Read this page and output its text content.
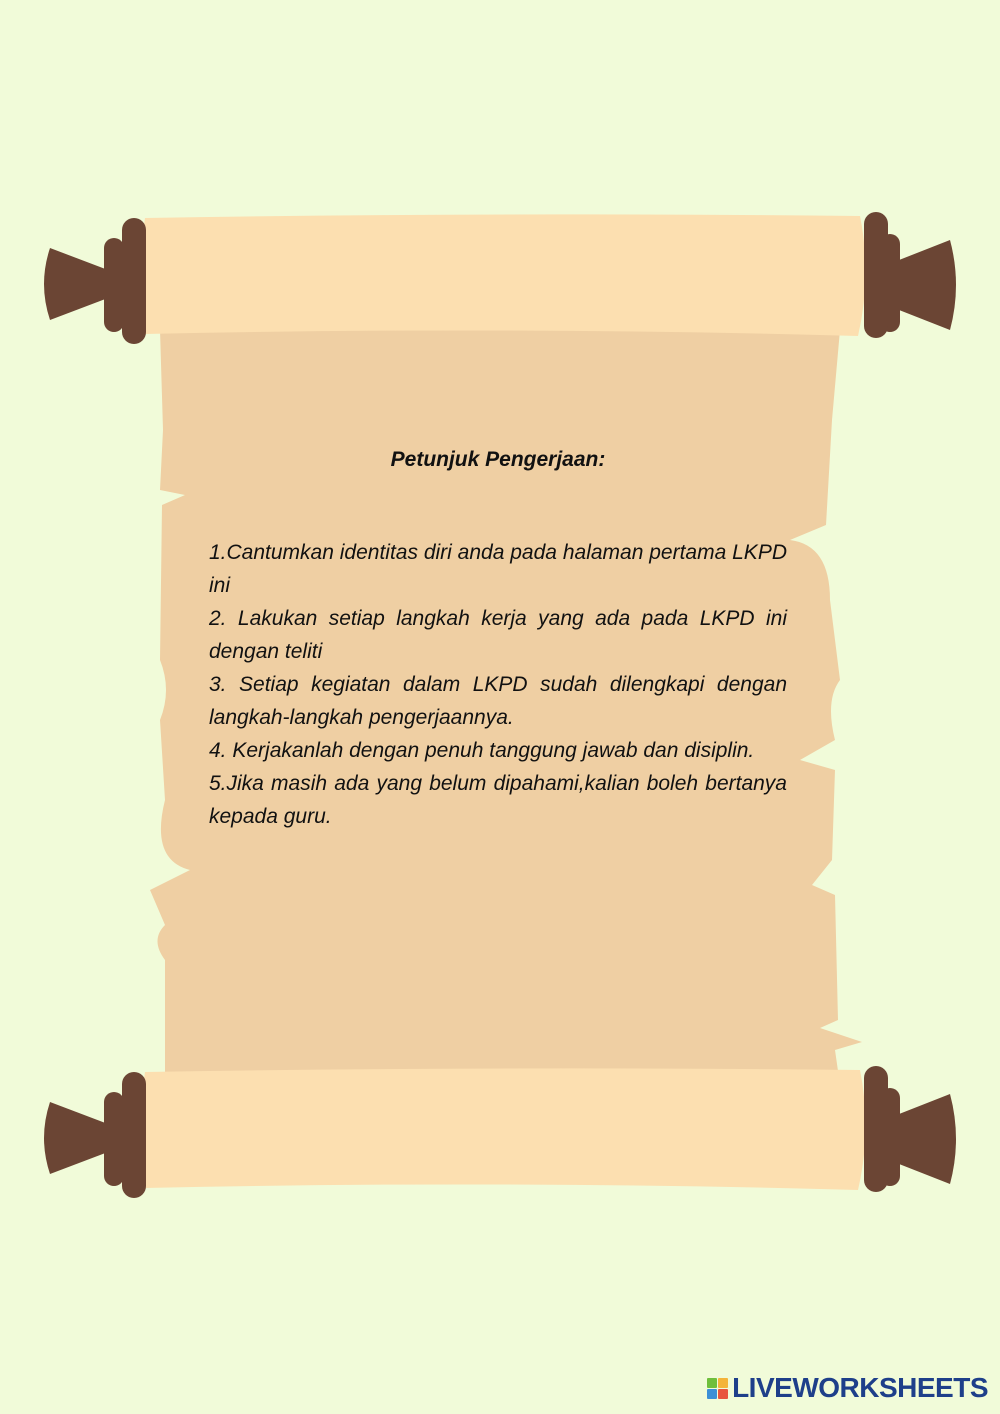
Petunjuk Pengerjaan:

1.Cantumkan identitas diri anda pada halaman pertama LKPD ini

2. Lakukan setiap langkah kerja yang ada pada LKPD ini dengan teliti

3. Setiap kegiatan dalam LKPD sudah dilengkapi dengan langkah-langkah pengerjaannya.

4. Kerjakanlah dengan penuh tanggung jawab dan disiplin.

5.Jika masih ada yang belum dipahami,kalian boleh bertanya kepada guru.

LIVEWORKSHEETS
